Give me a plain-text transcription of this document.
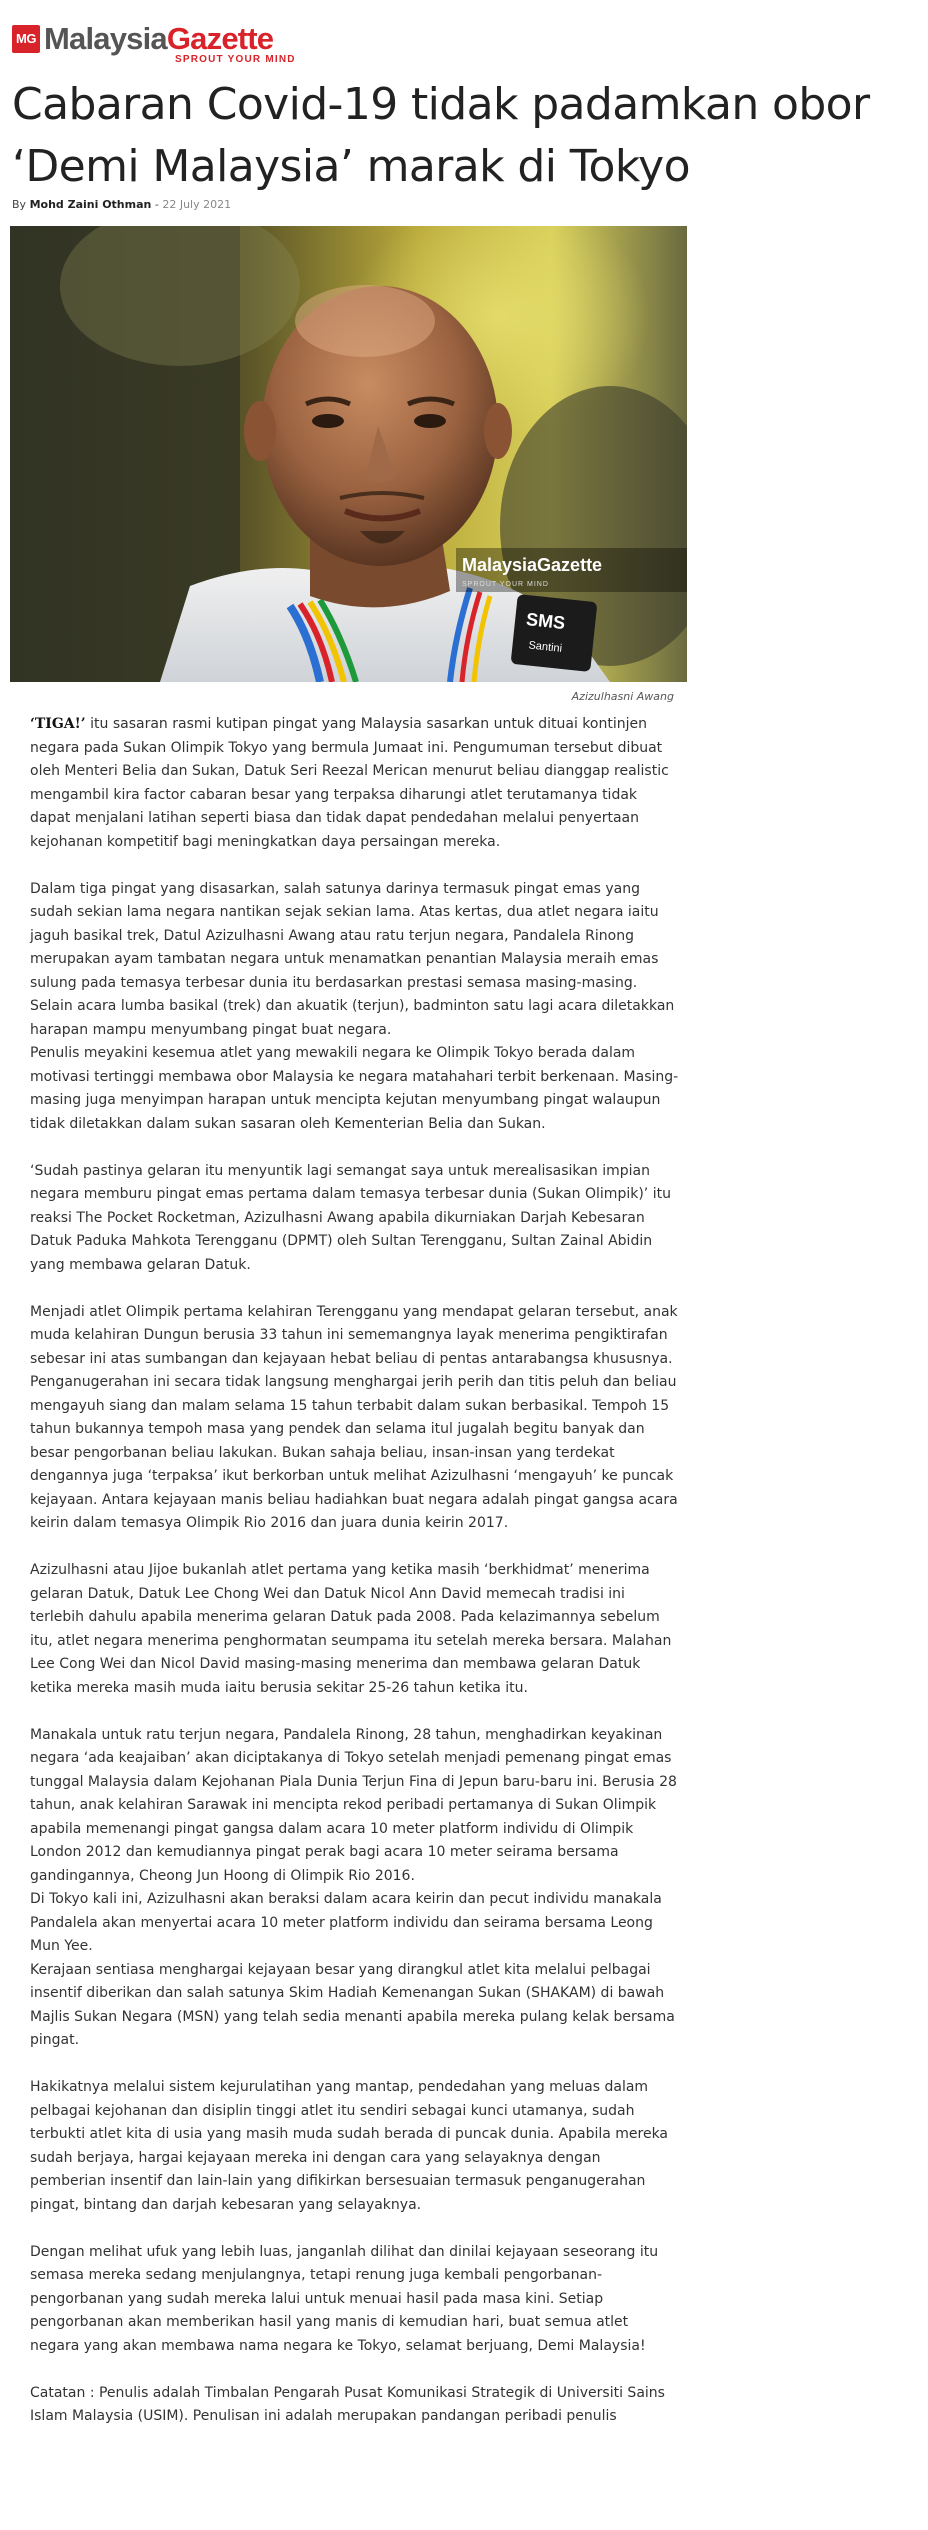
MG MalaysiaGazette
SPROUT YOUR MIND
Cabaran Covid-19 tidak padamkan obor ‘Demi Malaysia’ marak di Tokyo
By Mohd Zaini Othman - 22 July 2021
MalaysiaGazette
SPROUT YOUR MIND
SMS
Santini
Azizulhasni Awang

‘TIGA!’ itu sasaran rasmi kutipan pingat yang Malaysia sasarkan untuk dituai kontinjen negara pada Sukan Olimpik Tokyo yang bermula Jumaat ini. Pengumuman tersebut dibuat oleh Menteri Belia dan Sukan, Datuk Seri Reezal Merican menurut beliau dianggap realistic mengambil kira factor cabaran besar yang terpaksa diharungi atlet terutamanya tidak dapat menjalani latihan seperti biasa dan tidak dapat pendedahan melalui penyertaan kejohanan kompetitif bagi meningkatkan daya persaingan mereka.

Dalam tiga pingat yang disasarkan, salah satunya darinya termasuk pingat emas yang sudah sekian lama negara nantikan sejak sekian lama. Atas kertas, dua atlet negara iaitu jaguh basikal trek, Datul Azizulhasni Awang atau ratu terjun negara, Pandalela Rinong merupakan ayam tambatan negara untuk menamatkan penantian Malaysia meraih emas sulung pada temasya terbesar dunia itu berdasarkan prestasi semasa masing-masing. Selain acara lumba basikal (trek) dan akuatik (terjun), badminton satu lagi acara diletakkan harapan mampu menyumbang pingat buat negara.

Penulis meyakini kesemua atlet yang mewakili negara ke Olimpik Tokyo berada dalam motivasi tertinggi membawa obor Malaysia ke negara matahahari terbit berkenaan. Masing-masing juga menyimpan harapan untuk mencipta kejutan menyumbang pingat walaupun tidak diletakkan dalam sukan sasaran oleh Kementerian Belia dan Sukan.

‘Sudah pastinya gelaran itu menyuntik lagi semangat saya untuk merealisasikan impian negara memburu pingat emas pertama dalam temasya terbesar dunia (Sukan Olimpik)’ itu reaksi The Pocket Rocketman, Azizulhasni Awang apabila dikurniakan Darjah Kebesaran Datuk Paduka Mahkota Terengganu (DPMT) oleh Sultan Terengganu, Sultan Zainal Abidin yang membawa gelaran Datuk.

Menjadi atlet Olimpik pertama kelahiran Terengganu yang mendapat gelaran tersebut, anak muda kelahiran Dungun berusia 33 tahun ini sememangnya layak menerima pengiktirafan sebesar ini atas sumbangan dan kejayaan hebat beliau di pentas antarabangsa khususnya.

Penganugerahan ini secara tidak langsung menghargai jerih perih dan titis peluh dan beliau mengayuh siang dan malam selama 15 tahun terbabit dalam sukan berbasikal. Tempoh 15 tahun bukannya tempoh masa yang pendek dan selama itul jugalah begitu banyak dan besar pengorbanan beliau lakukan. Bukan sahaja beliau, insan-insan yang terdekat dengannya juga ‘terpaksa’ ikut berkorban untuk melihat Azizulhasni ‘mengayuh’ ke puncak kejayaan. Antara kejayaan manis beliau hadiahkan buat negara adalah pingat gangsa acara keirin dalam temasya Olimpik Rio 2016 dan juara dunia keirin 2017.

Azizulhasni atau Jijoe bukanlah atlet pertama yang ketika masih ‘berkhidmat’ menerima gelaran Datuk, Datuk Lee Chong Wei dan Datuk Nicol Ann David memecah tradisi ini terlebih dahulu apabila menerima gelaran Datuk pada 2008. Pada kelazimannya sebelum itu, atlet negara menerima penghormatan seumpama itu setelah mereka bersara. Malahan Lee Cong Wei dan Nicol David masing-masing menerima dan membawa gelaran Datuk ketika mereka masih muda iaitu berusia sekitar 25-26 tahun ketika itu.

Manakala untuk ratu terjun negara, Pandalela Rinong, 28 tahun, menghadirkan keyakinan negara ‘ada keajaiban’ akan diciptakanya di Tokyo setelah menjadi pemenang pingat emas tunggal Malaysia dalam Kejohanan Piala Dunia Terjun Fina di Jepun baru-baru ini. Berusia 28 tahun, anak kelahiran Sarawak ini mencipta rekod peribadi pertamanya di Sukan Olimpik apabila memenangi pingat gangsa dalam acara 10 meter platform individu di Olimpik London 2012 dan kemudiannya pingat perak bagi acara 10 meter seirama bersama gandingannya, Cheong Jun Hoong di Olimpik Rio 2016.

Di Tokyo kali ini, Azizulhasni akan beraksi dalam acara keirin dan pecut individu manakala Pandalela akan menyertai acara 10 meter platform individu dan seirama bersama Leong Mun Yee.

Kerajaan sentiasa menghargai kejayaan besar yang dirangkul atlet kita melalui pelbagai insentif diberikan dan salah satunya Skim Hadiah Kemenangan Sukan (SHAKAM) di bawah Majlis Sukan Negara (MSN) yang telah sedia menanti apabila mereka pulang kelak bersama pingat.

Hakikatnya melalui sistem kejurulatihan yang mantap, pendedahan yang meluas dalam pelbagai kejohanan dan disiplin tinggi atlet itu sendiri sebagai kunci utamanya, sudah terbukti atlet kita di usia yang masih muda sudah berada di puncak dunia. Apabila mereka sudah berjaya, hargai kejayaan mereka ini dengan cara yang selayaknya dengan pemberian insentif dan lain-lain yang difikirkan bersesuaian termasuk penganugerahan pingat, bintang dan darjah kebesaran yang selayaknya.

Dengan melihat ufuk yang lebih luas, janganlah dilihat dan dinilai kejayaan seseorang itu semasa mereka sedang menjulangnya, tetapi renung juga kembali pengorbanan-pengorbanan yang sudah mereka lalui untuk menuai hasil pada masa kini. Setiap pengorbanan akan memberikan hasil yang manis di kemudian hari, buat semua atlet negara yang akan membawa nama negara ke Tokyo, selamat berjuang, Demi Malaysia!

Catatan : Penulis adalah Timbalan Pengarah Pusat Komunikasi Strategik di Universiti Sains Islam Malaysia (USIM). Penulisan ini adalah merupakan pandangan peribadi penulis
